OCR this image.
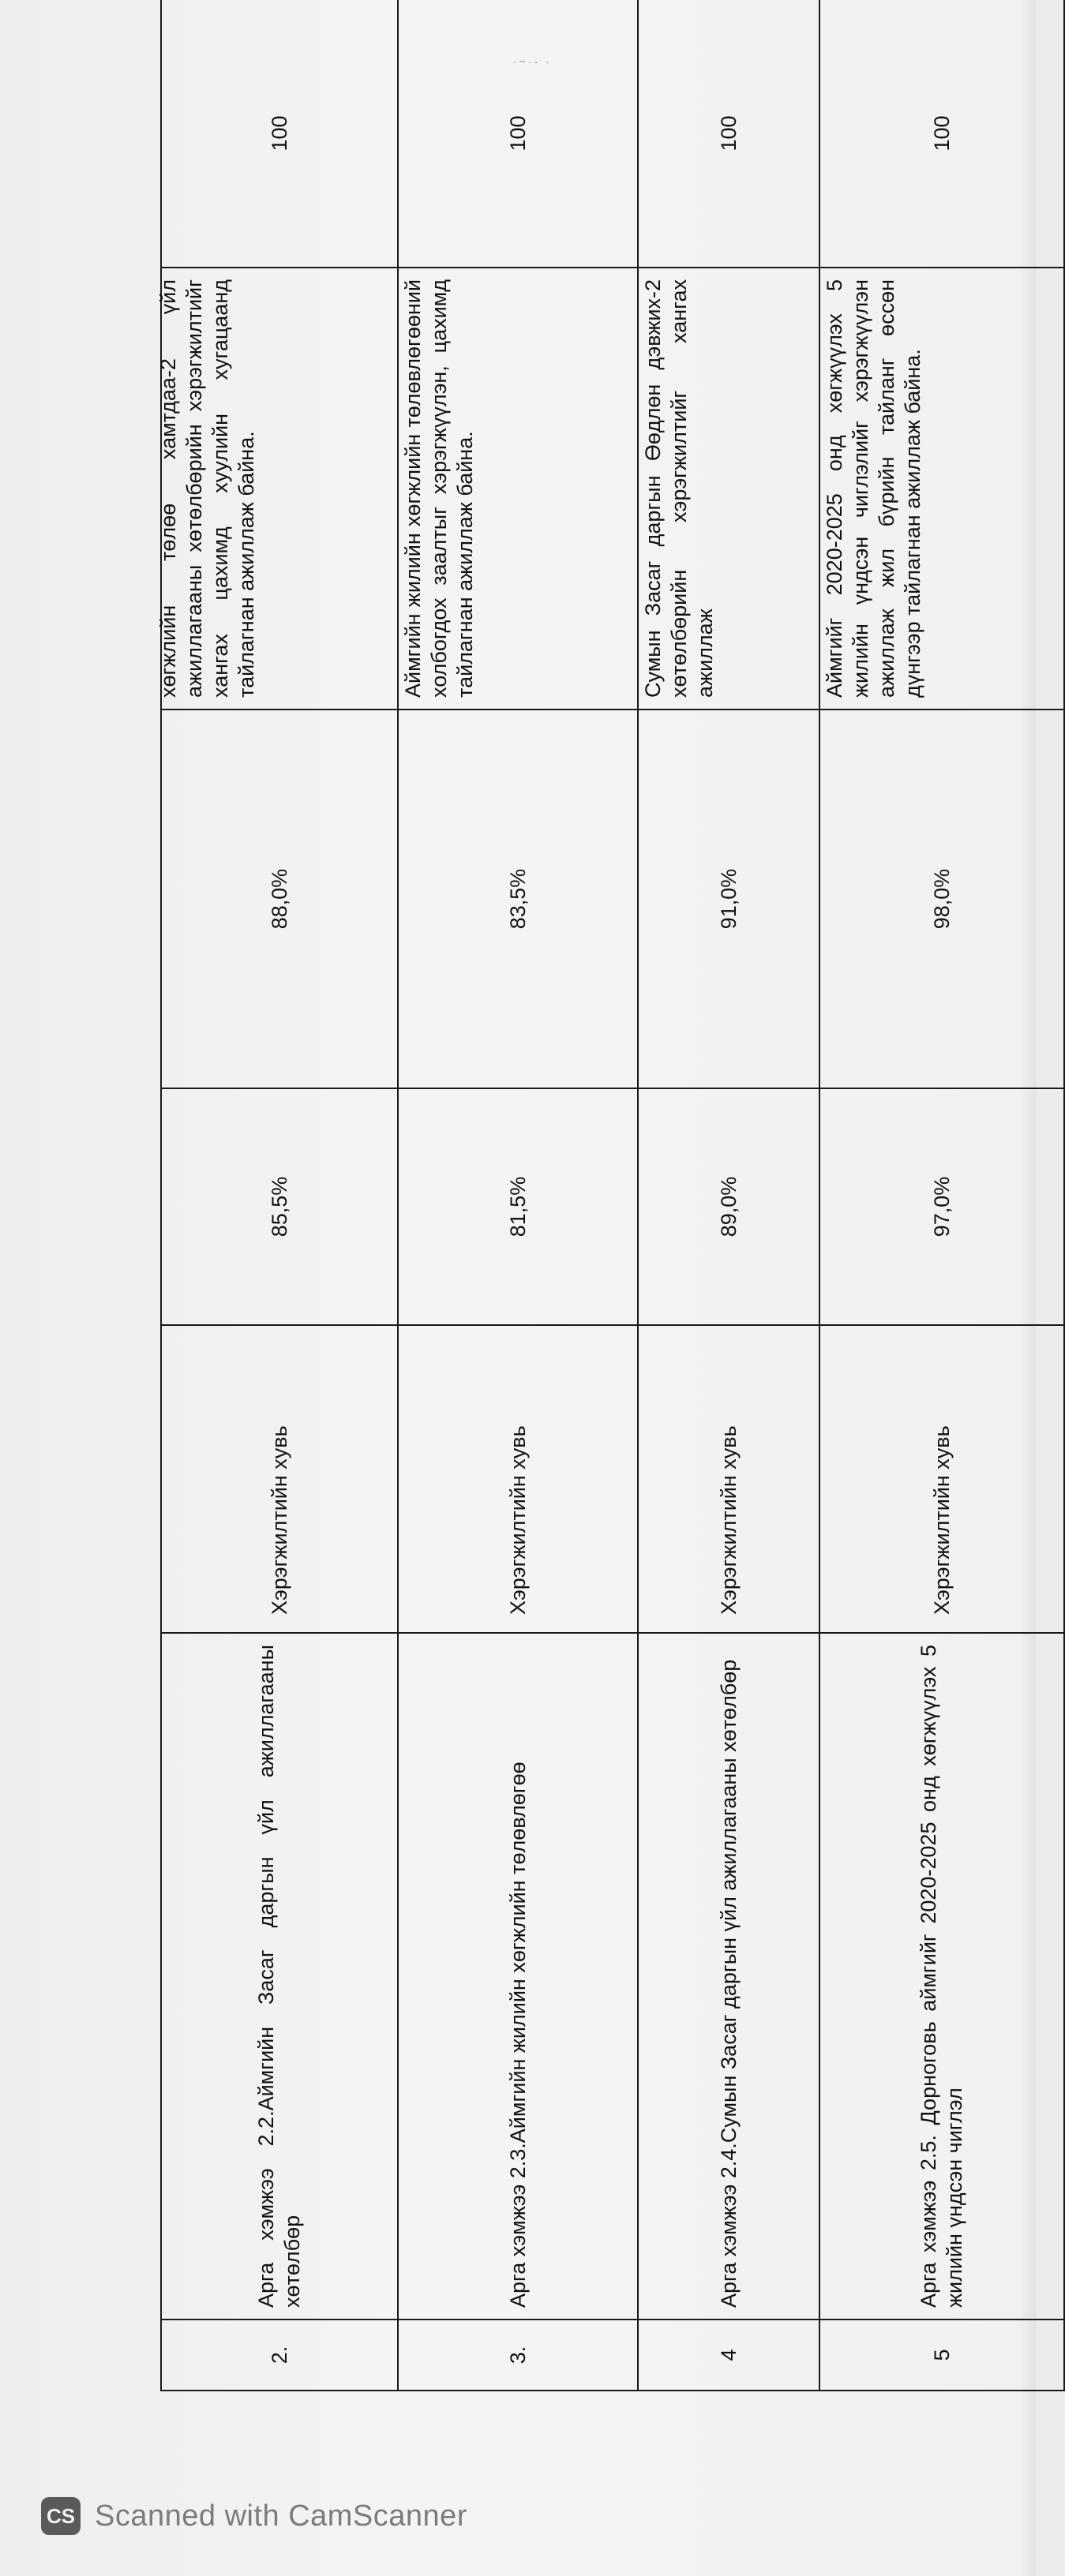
·~·- ·
2.	Арга хэмжээ 2.2.Аймгийн Засаг даргын үйл ажиллагааны хөтөлбөр	Хэрэгжилтийн хувь	85,5%	88,0%	хөгжлийн төлөө хамтдаа-2 үйл ажиллагааны хөтөлбөрийн хэрэгжилтийг хангах цахимд хуулийн хугацаанд тайлагнан ажиллаж байна.	100
3.	Арга хэмжээ 2.3.Аймгийн жилийн хөгжлийн төлөвлөгөө	Хэрэгжилтийн хувь	81,5%	83,5%	Аймгийн жилийн хөгжлийн төлөвлөгөөний холбогдох заалтыг хэрэгжүүлэн, цахимд тайлагнан ажиллаж байна.	100
4	Арга хэмжээ 2.4.Сумын Засаг даргын үйл ажиллагааны хөтөлбөр	Хэрэгжилтийн хувь	89,0%	91,0%	Сумын Засаг даргын Өөдлөн дэвжих-2 хөтөлбөрийн хэрэгжилтийг хангах ажиллаж	100
5	Арга хэмжээ 2.5. Дорноговь аймгийг 2020-2025 онд хөгжүүлэх 5 жилийн үндсэн чиглэл	Хэрэгжилтийн хувь	97,0%	98,0%	Аймгийг 2020-2025 онд хөгжүүлэх 5 жилийн үндсэн чиглэлийг хэрэгжүүлэн ажиллаж жил бүрийн тайланг өссөн дүнгээр тайлагнан ажиллаж байна.	100
CS Scanned with CamScanner
